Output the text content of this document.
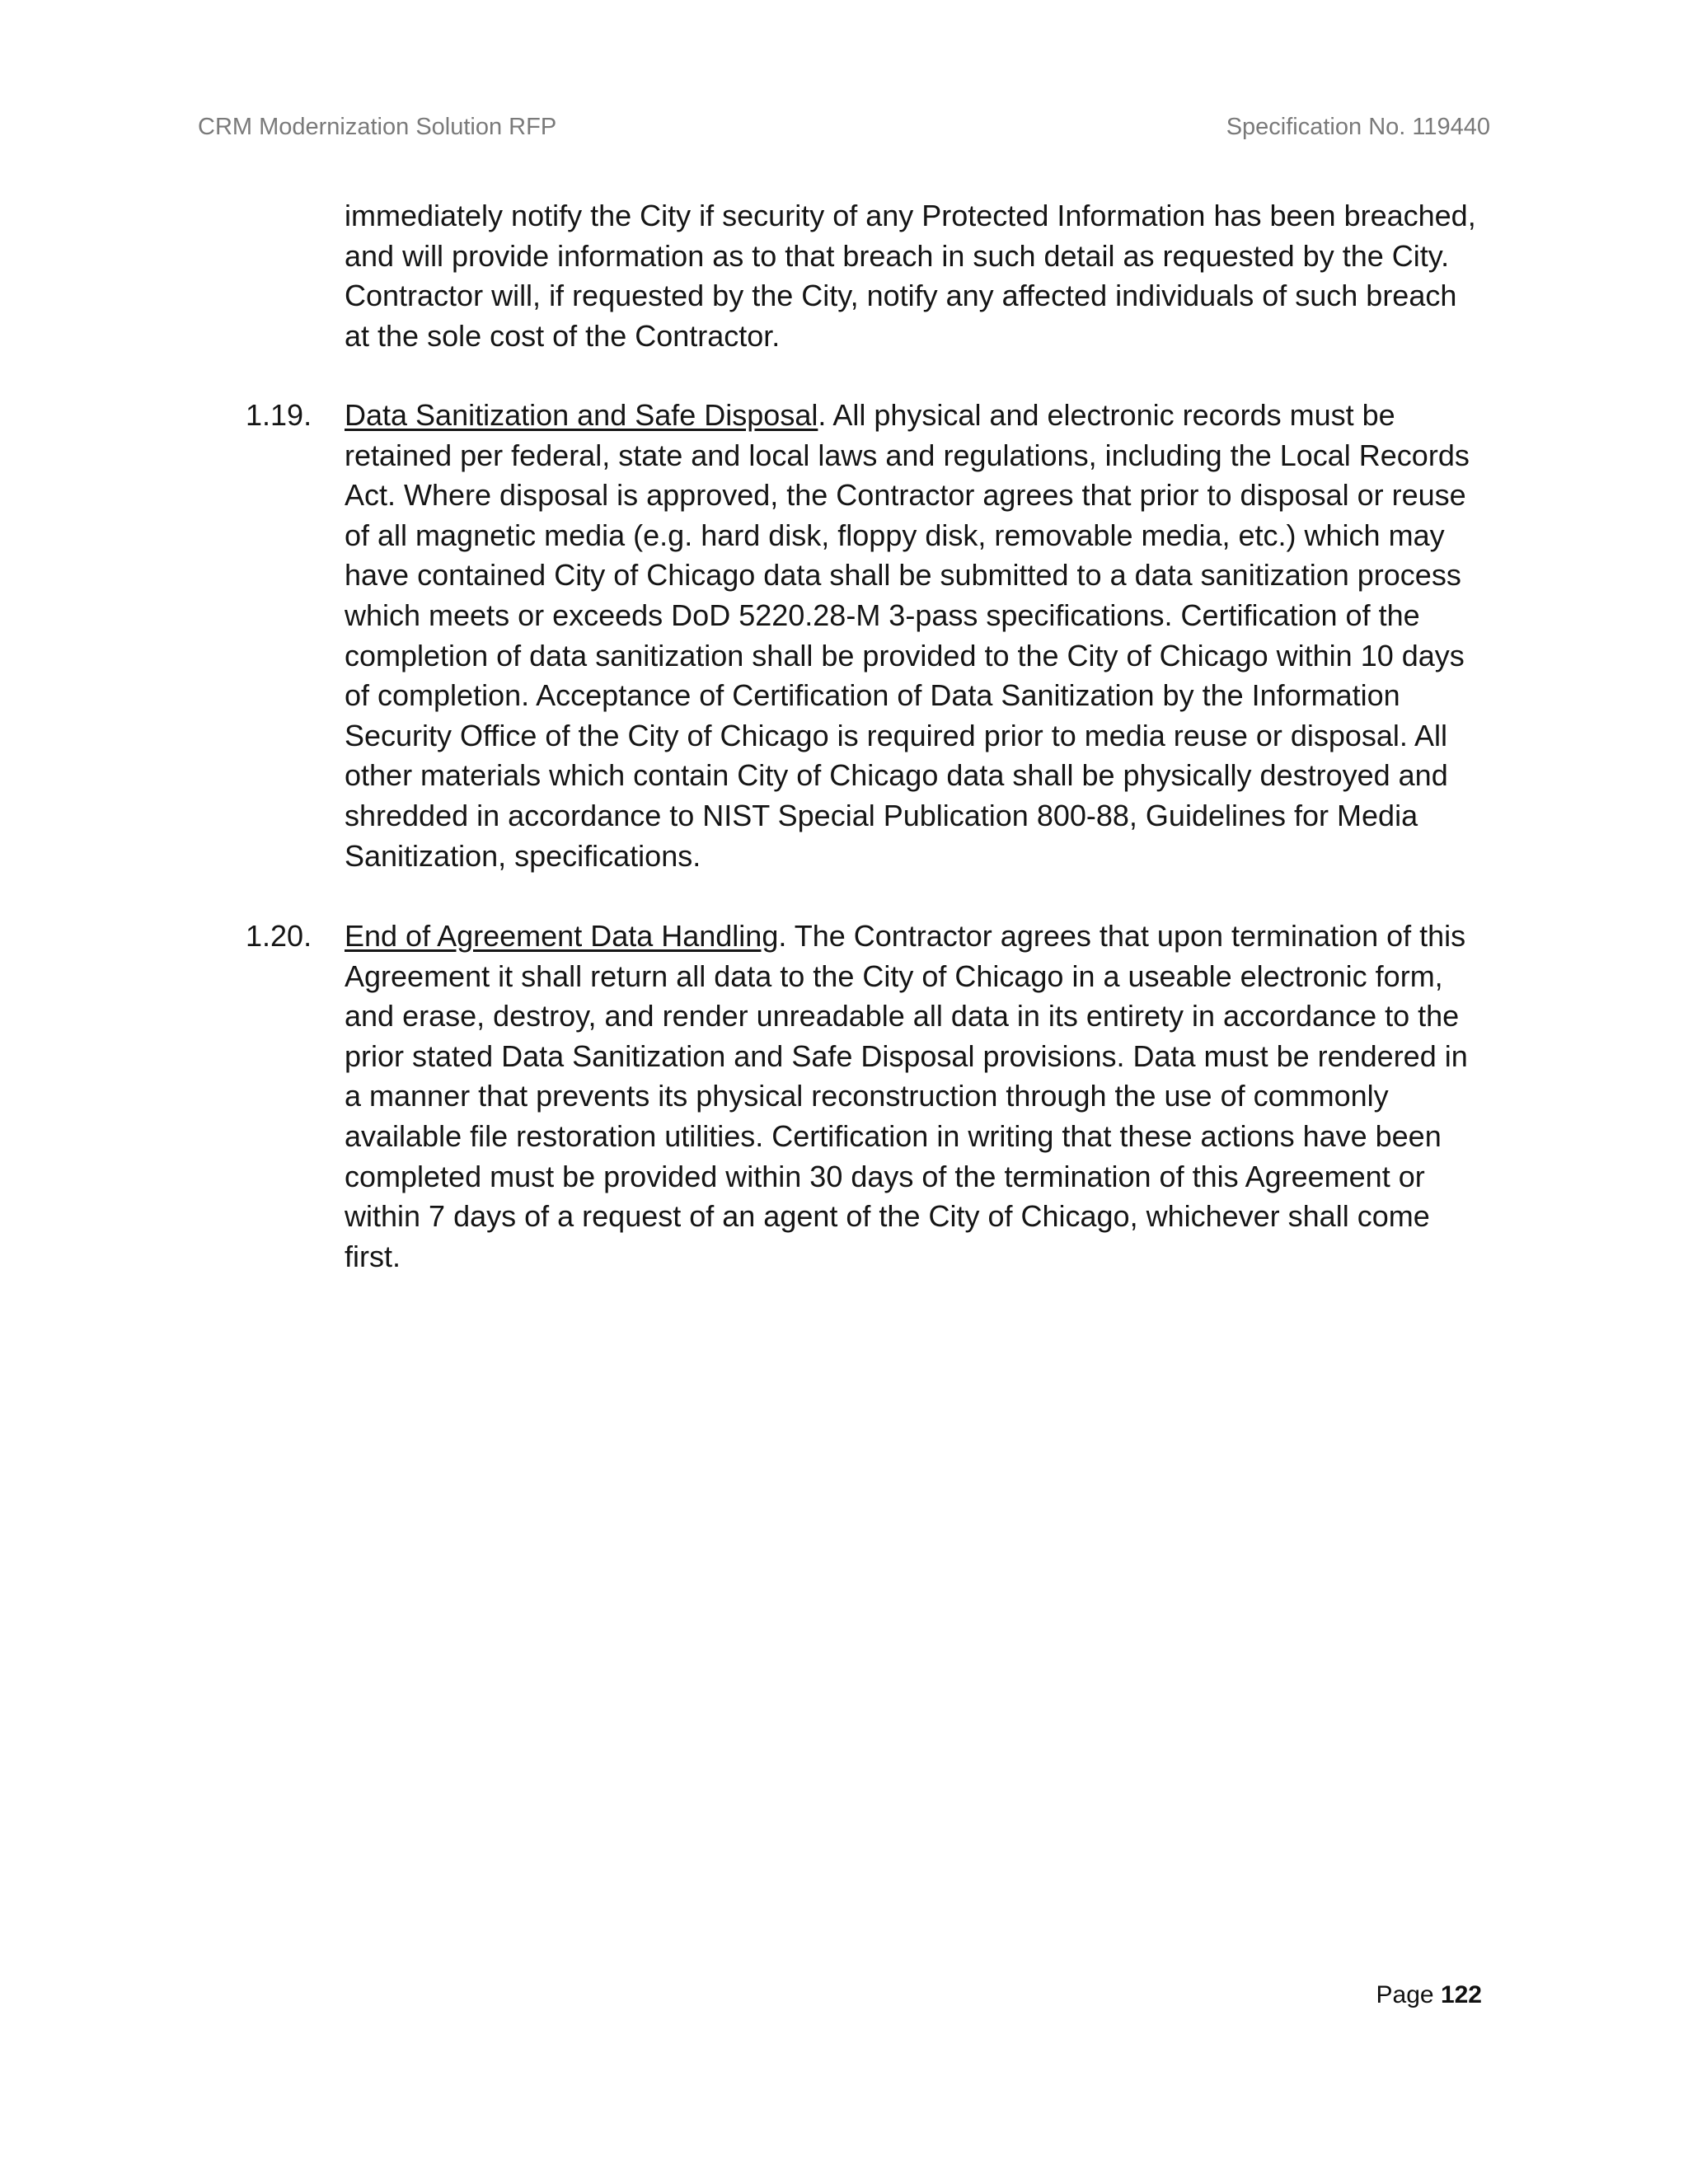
CRM Modernization Solution RFP	Specification No. 119440
immediately notify the City if security of any Protected Information has been breached, and will provide information as to that breach in such detail as requested by the City. Contractor will, if requested by the City, notify any affected individuals of such breach at the sole cost of the Contractor.
1.19.	Data Sanitization and Safe Disposal. All physical and electronic records must be retained per federal, state and local laws and regulations, including the Local Records Act. Where disposal is approved, the Contractor agrees that prior to disposal or reuse of all magnetic media (e.g. hard disk, floppy disk, removable media, etc.) which may have contained City of Chicago data shall be submitted to a data sanitization process which meets or exceeds DoD 5220.28-M 3-pass specifications. Certification of the completion of data sanitization shall be provided to the City of Chicago within 10 days of completion. Acceptance of Certification of Data Sanitization by the Information Security Office of the City of Chicago is required prior to media reuse or disposal. All other materials which contain City of Chicago data shall be physically destroyed and shredded in accordance to NIST Special Publication 800-88, Guidelines for Media Sanitization, specifications.
1.20.	End of Agreement Data Handling. The Contractor agrees that upon termination of this Agreement it shall return all data to the City of Chicago in a useable electronic form, and erase, destroy, and render unreadable all data in its entirety in accordance to the prior stated Data Sanitization and Safe Disposal provisions. Data must be rendered in a manner that prevents its physical reconstruction through the use of commonly available file restoration utilities. Certification in writing that these actions have been completed must be provided within 30 days of the termination of this Agreement or within 7 days of a request of an agent of the City of Chicago, whichever shall come first.
Page 122
